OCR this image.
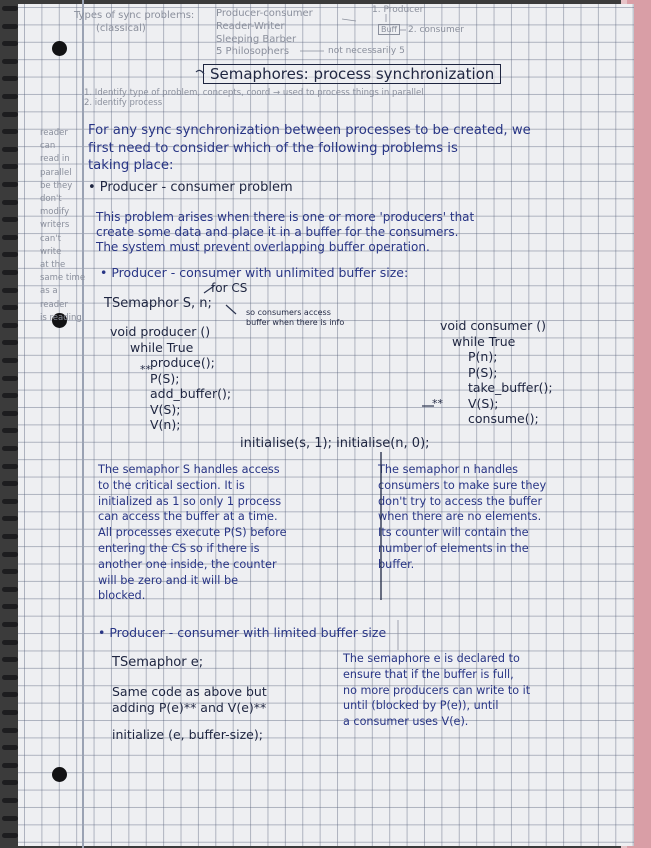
Types of sync problems:
(classical)
Producer-consumer
Reader-Writer
Sleeping Barber
5 Philosophers	not necessarily 5
1. Producer
Buff	2. consumer
Semaphores: process synchronization
1. Identify type of problem, concepts, coord → used to process things in parallel
2. identify process
reader
can
read in
parallel
be they
don't
modify
writers
can't
write
at the
same time
as a
reader
is reading
For any sync synchronization between processes to be created, we
first need to consider which of the following problems is
taking place:
• Producer - consumer problem
This problem arises when there is one or more 'producers' that
create some data and place it in a buffer for the consumers.
The system must prevent overlapping buffer operation.
• Producer - consumer with unlimited buffer size:
for CS
TSemaphor S, n;
so consumers access
buffer when there is info
void producer ()
while True
produce();
P(S);
add_buffer();
V(S);
V(n);
**
void consumer ()
while True
P(n);
P(S);
take_buffer();
V(S);
consume();
**
initialise(s, 1); initialise(n, 0);
The semaphor S handles access
to the critical section. It is
initialized as 1 so only 1 process
can access the buffer at a time.
All processes execute P(S) before
entering the CS so if there is
another one inside, the counter
will be zero and it will be
blocked.
The semaphor n handles
consumers to make sure they
don't try to access the buffer
when there are no elements.
Its counter will contain the
number of elements in the
buffer.
• Producer - consumer with limited buffer size
TSemaphor e;
Same code as above but
adding P(e)** and V(e)**
initialize (e, buffer-size);
The semaphore e is declared to
ensure that if the buffer is full,
no more producers can write to it
until (blocked by P(e)), until
a consumer uses V(e).
